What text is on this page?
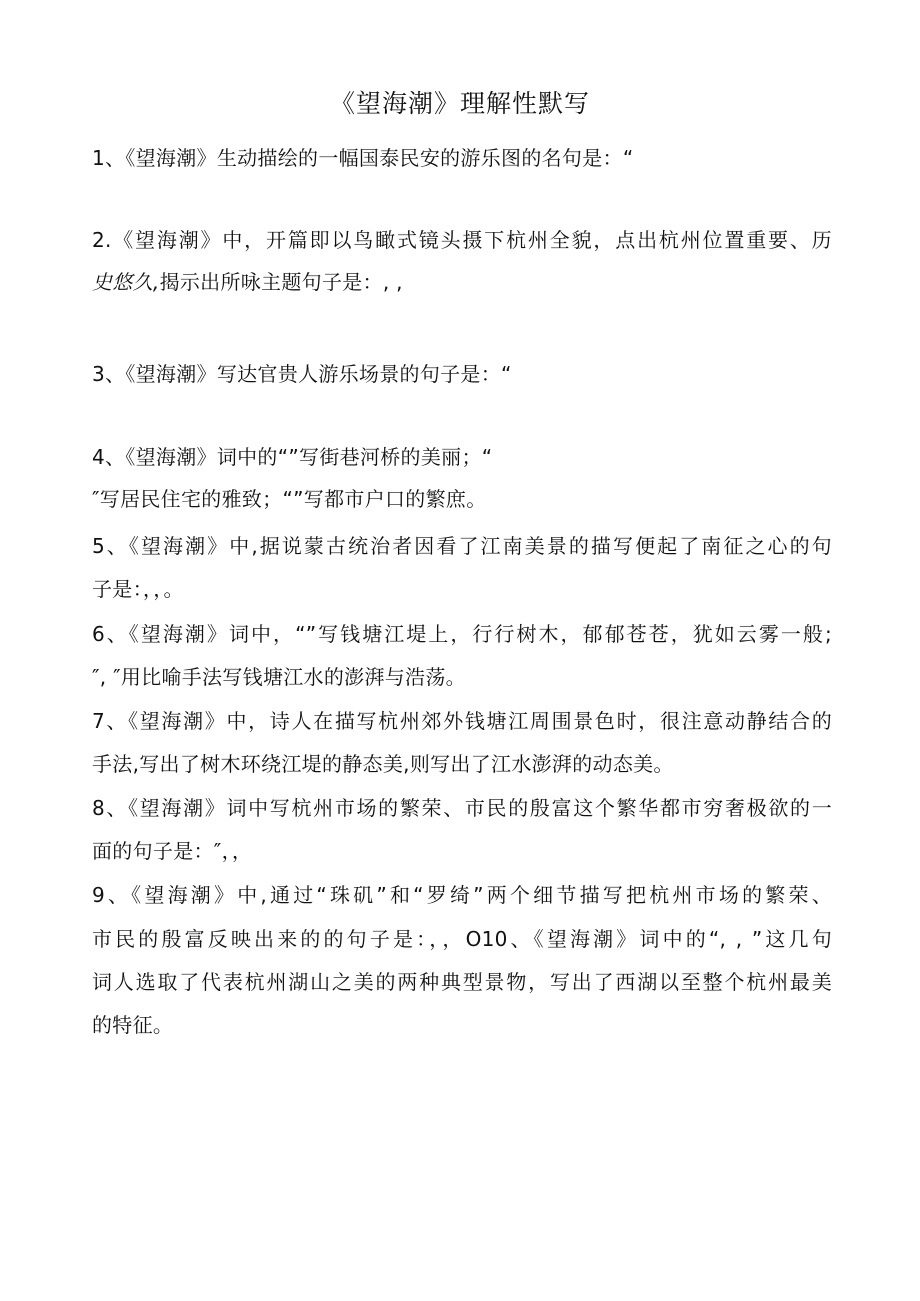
《望海潮》理解性默写
1、《望海潮》生动描绘的一幅国泰民安的游乐图的名句是：“
2.《望海潮》中，开篇即以鸟瞰式镜头摄下杭州全貌，点出杭州位置重要、历
史悠久,揭示出所咏主题句子是：, ,
3、《望海潮》写达官贵人游乐场景的句子是：“
4、《望海潮》词中的“”写街巷河桥的美丽；“
″写居民住宅的雅致；“”写都市户口的繁庶。
5、《望海潮》中,据说蒙古统治者因看了江南美景的描写便起了南征之心的句
子是：，，。
6、《望海潮》词中，“”写钱塘江堤上，行行树木，郁郁苍苍，犹如云雾一般;
″, ″用比喻手法写钱塘江水的澎湃与浩荡。
7、《望海潮》中，诗人在描写杭州郊外钱塘江周围景色时，很注意动静结合的
手法,写出了树木环绕江堤的静态美,则写出了江水澎湃的动态美。
8、《望海潮》词中写杭州市场的繁荣、市民的殷富这个繁华都市穷奢极欲的一
面的句子是：″，，
9、《望海潮》中,通过“珠矶”和“罗绮”两个细节描写把杭州市场的繁荣、
市民的殷富反映出来的的句子是：，，O10、《望海潮》词中的“, , ”这几句
词人选取了代表杭州湖山之美的两种典型景物，写出了西湖以至整个杭州最美
的特征。
